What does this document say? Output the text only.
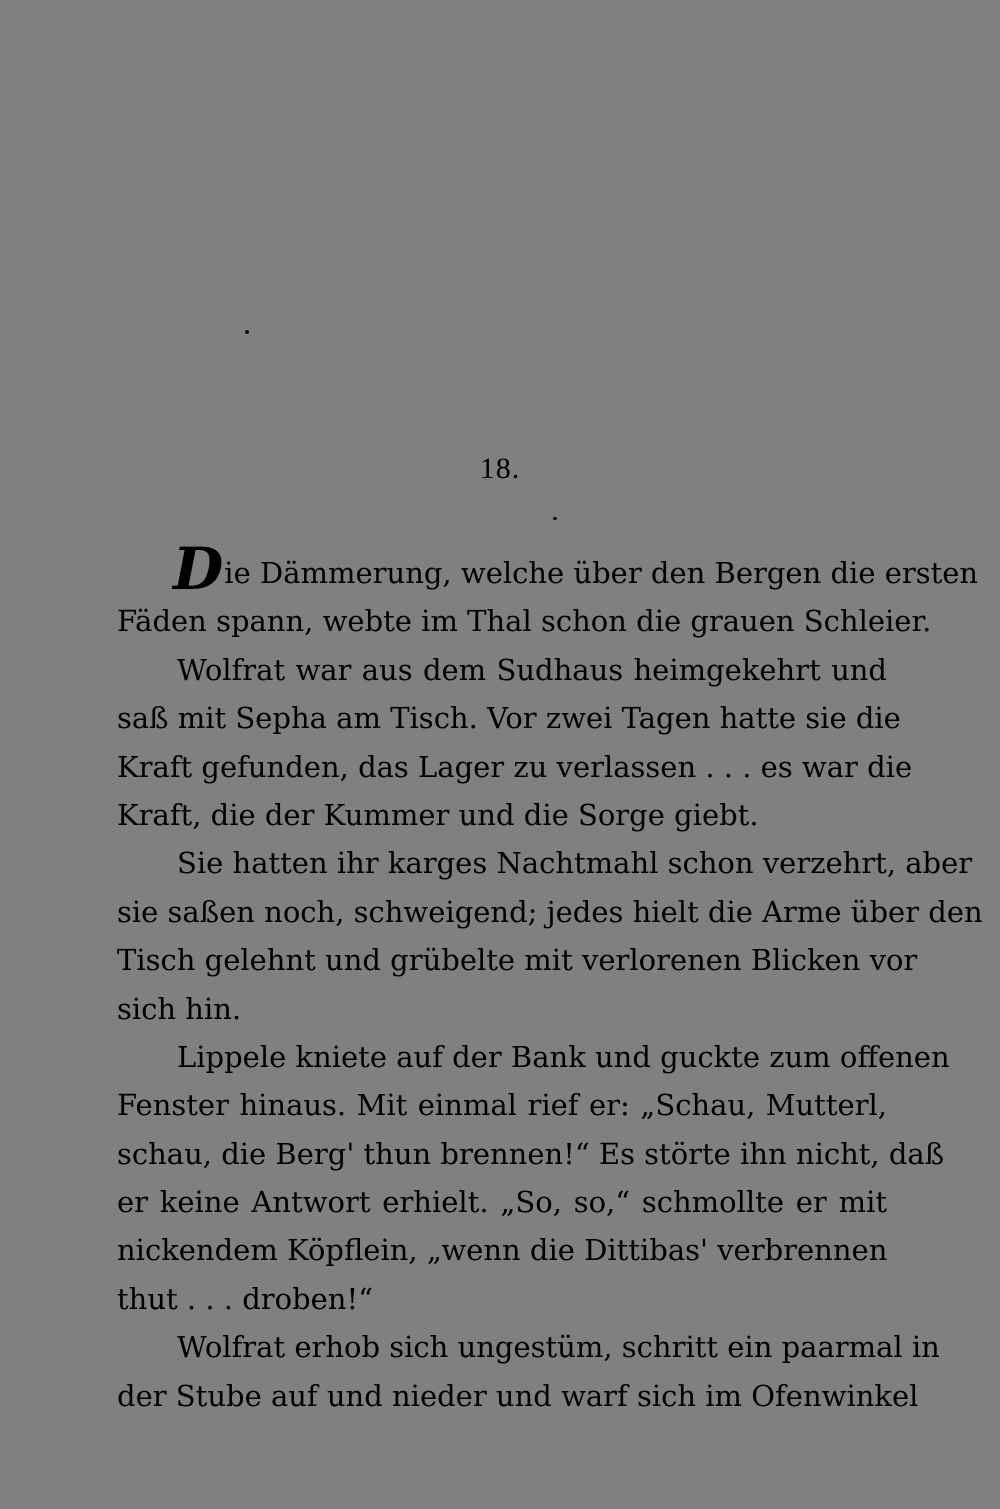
18.
Die Dämmerung, welche über den Bergen die ersten
Fäden spann, webte im Thal schon die grauen Schleier.
Wolfrat war aus dem Sudhaus heimgekehrt und
saß mit Sepha am Tisch. Vor zwei Tagen hatte sie die
Kraft gefunden, das Lager zu verlassen . . . es war die
Kraft, die der Kummer und die Sorge giebt.
Sie hatten ihr karges Nachtmahl schon verzehrt, aber
sie saßen noch, schweigend; jedes hielt die Arme über den
Tisch gelehnt und grübelte mit verlorenen Blicken vor
sich hin.
Lippele kniete auf der Bank und guckte zum offenen
Fenster hinaus. Mit einmal rief er: „Schau, Mutterl,
schau, die Berg' thun brennen!“ Es störte ihn nicht, daß
er keine Antwort erhielt. „So, so,“ schmollte er mit
nickendem Köpflein, „wenn die Dittibas' verbrennen
thut . . . droben!“
Wolfrat erhob sich ungestüm, schritt ein paarmal in
der Stube auf und nieder und warf sich im Ofenwinkel
